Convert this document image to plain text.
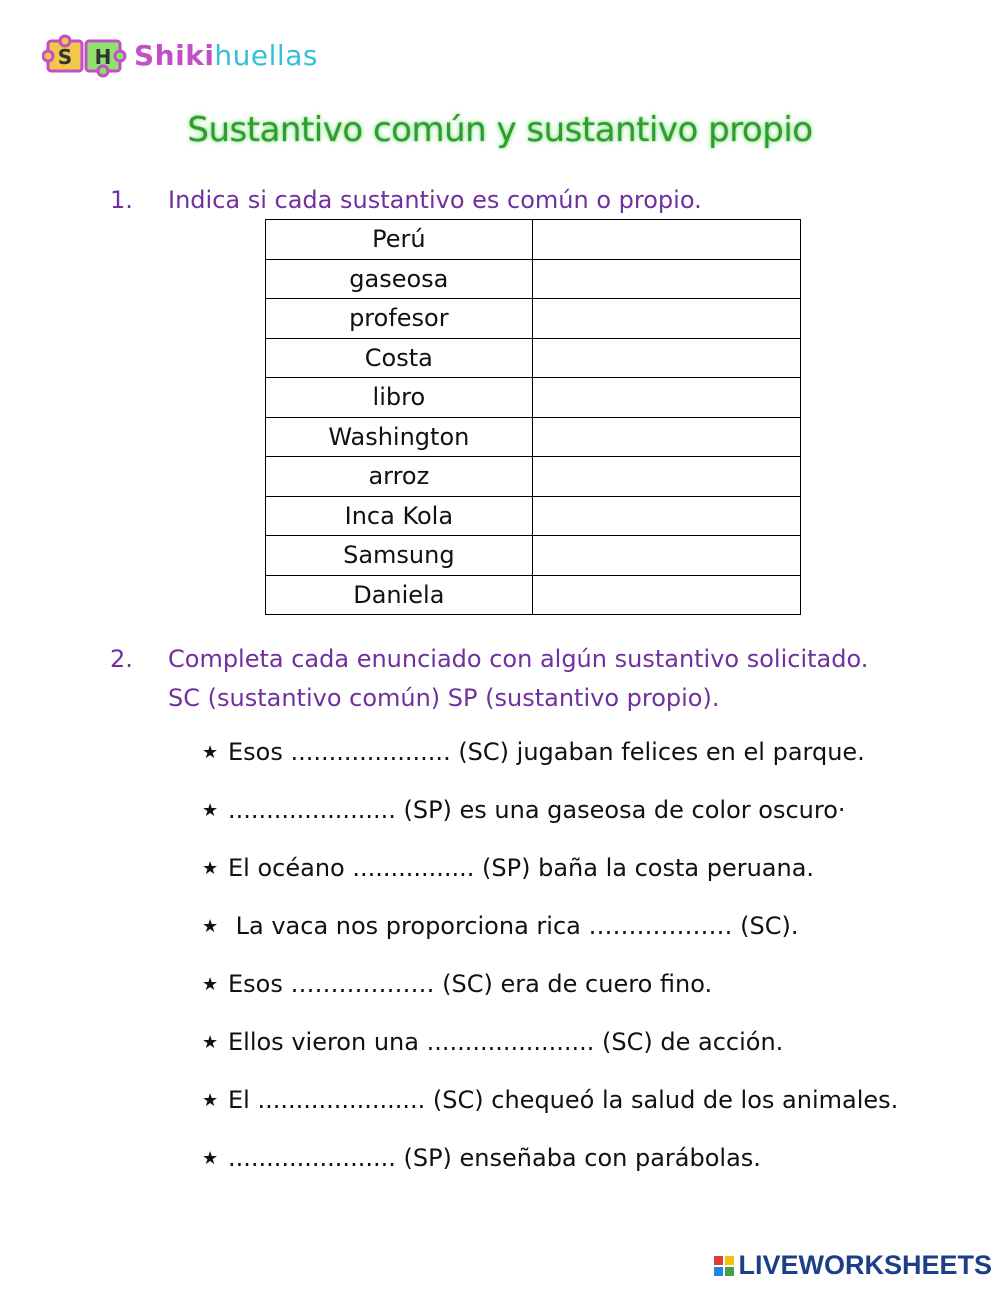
S H Shikihuellas
Sustantivo común y sustantivo propio
1. Indica si cada sustantivo es común o propio.
Perú	
gaseosa	
profesor	
Costa	
libro	
Washington	
arroz	
Inca Kola	
Samsung	
Daniela	
2. Completa cada enunciado con algún sustantivo solicitado.
SC (sustantivo común) SP (sustantivo propio).
★ Esos ..................... (SC) jugaban felices en el parque.
★ ...................... (SP) es una gaseosa de color oscuro·
★ El océano ................ (SP) baña la costa peruana.
★ La vaca nos proporciona rica ……………… (SC).
★ Esos ……………… (SC) era de cuero fino.
★ Ellos vieron una ...................... (SC) de acción.
★ El ...................... (SC) chequeó la salud de los animales.
★ ...................... (SP) enseñaba con parábolas.
LIVEWORKSHEETS
